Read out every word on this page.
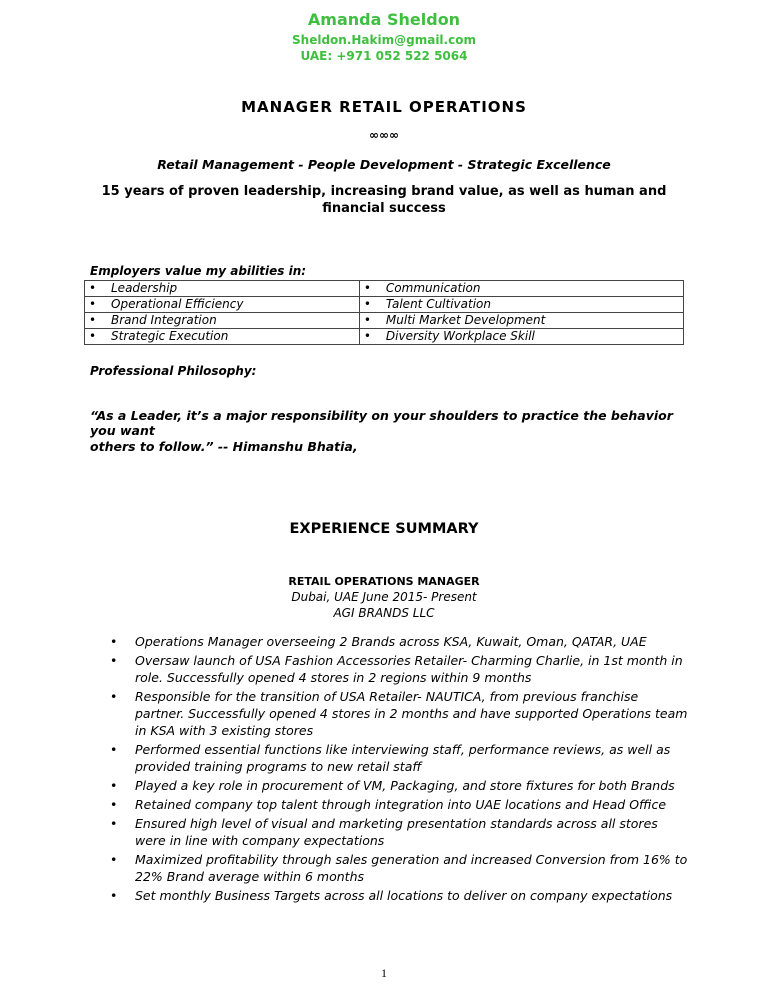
Amanda Sheldon
Sheldon.Hakim@gmail.com
UAE: +971 052 522 5064
MANAGER RETAIL OPERATIONS
∞∞∞
Retail Management - People Development - Strategic Excellence
15 years of proven leadership, increasing brand value, as well as human and financial success
Employers value my abilities in:
•	Leadership	•	Communication
•	Operational Efficiency	•	Talent Cultivation
•	Brand Integration	•	Multi Market Development
•	Strategic Execution	•	Diversity Workplace Skill
Professional Philosophy:
“As a Leader, it’s a major responsibility on your shoulders to practice the behavior you want
others to follow.” -- Himanshu Bhatia,
EXPERIENCE SUMMARY
RETAIL OPERATIONS MANAGER
Dubai, UAE June 2015- Present
AGI BRANDS LLC
• Operations Manager overseeing 2 Brands across KSA, Kuwait, Oman, QATAR, UAE
• Oversaw launch of USA Fashion Accessories Retailer- Charming Charlie, in 1st month in role. Successfully opened 4 stores in 2 regions within 9 months
• Responsible for the transition of USA Retailer- NAUTICA, from previous franchise partner. Successfully opened 4 stores in 2 months and have supported Operations team in KSA with 3 existing stores
• Performed essential functions like interviewing staff, performance reviews, as well as provided training programs to new retail staff
• Played a key role in procurement of VM, Packaging, and store fixtures for both Brands
• Retained company top talent through integration into UAE locations and Head Office
• Ensured high level of visual and marketing presentation standards across all stores were in line with company expectations
• Maximized profitability through sales generation and increased Conversion from 16% to 22% Brand average within 6 months
• Set monthly Business Targets across all locations to deliver on company expectations
1
